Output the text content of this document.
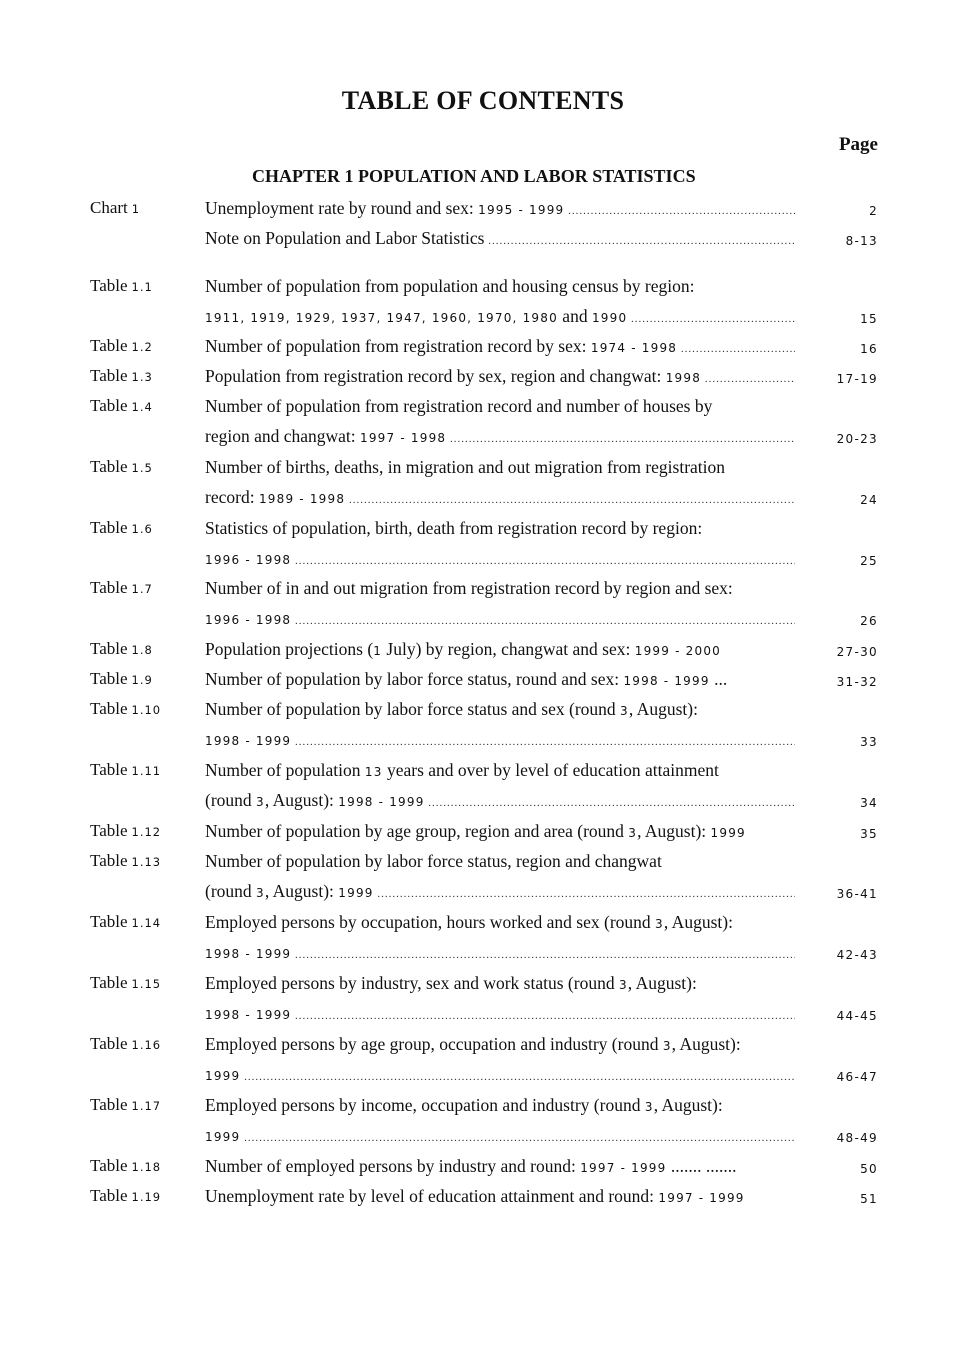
TABLE OF CONTENTS
Page
CHAPTER 1 POPULATION AND LABOR STATISTICS
Chart 1	Unemployment rate by round and sex: 1995 - 1999 .....	2
Note on Population and Labor Statistics .....	8-13
Table 1.1	Number of population from population and housing census by region:
1911, 1919, 1929, 1937, 1947, 1960, 1970, 1980 and 1990 .....	15
Table 1.2	Number of population from registration record by sex: 1974 - 1998 .....	16
Table 1.3	Population from registration record by sex, region and changwat: 1998 .....	17-19
Table 1.4	Number of population from registration record and number of houses by
region and changwat: 1997 - 1998 .....	20-23
Table 1.5	Number of births, deaths, in migration and out migration from registration
record: 1989 - 1998 .....	24
Table 1.6	Statistics of population, birth, death from registration record by region:
1996 - 1998 .....	25
Table 1.7	Number of in and out migration from registration record by region and sex:
1996 - 1998 .....	26
Table 1.8	Population projections (1 July) by region, changwat and sex: 1999 - 2000	27-30
Table 1.9	Number of population by labor force status, round and sex: 1998 - 1999 ...	31-32
Table 1.10	Number of population by labor force status and sex (round 3, August):
1998 - 1999 .....	33
Table 1.11	Number of population 13 years and over by level of education attainment
(round 3, August): 1998 - 1999 .....	34
Table 1.12	Number of population by age group, region and area (round 3, August): 1999	35
Table 1.13	Number of population by labor force status, region and changwat
(round 3, August): 1999 .....	36-41
Table 1.14	Employed persons by occupation, hours worked and sex (round 3, August):
1998 - 1999 .....	42-43
Table 1.15	Employed persons by industry, sex and work status (round 3, August):
1998 - 1999 .....	44-45
Table 1.16	Employed persons by age group, occupation and industry (round 3, August):
1999 .....	46-47
Table 1.17	Employed persons by income, occupation and industry (round 3, August):
1999 .....	48-49
Table 1.18	Number of employed persons by industry and round: 1997 - 1999 ....... .......	50
Table 1.19	Unemployment rate by level of education attainment and round: 1997 - 1999	51
